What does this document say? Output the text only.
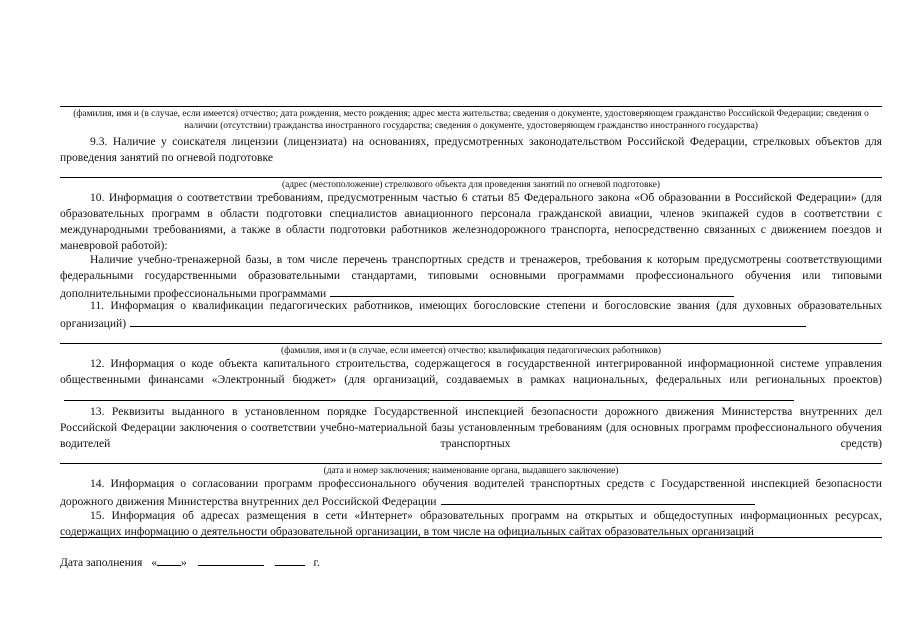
(фамилия, имя и (в случае, если имеется) отчество; дата рождения, место рождения; адрес места жительства; сведения о документе, удостоверяющем гражданство Российской Федерации; сведения о наличии (отсутствии) гражданства иностранного государства; сведения о документе, удостоверяющем гражданство иностранного государства)
9.3. Наличие у соискателя лицензии (лицензиата) на основаниях, предусмотренных законодательством Российской Федерации, стрелковых объектов для проведения занятий по огневой подготовке
(адрес (местоположение) стрелкового объекта для проведения занятий по огневой подготовке)
10. Информация о соответствии требованиям, предусмотренным частью 6 статьи 85 Федерального закона «Об образовании в Российской Федерации» (для образовательных программ в области подготовки специалистов авиационного персонала гражданской авиации, членов экипажей судов в соответствии с международными требованиями, а также в области подготовки работников железнодорожного транспорта, непосредственно связанных с движением поездов и маневровой работой):
Наличие учебно-тренажерной базы, в том числе перечень транспортных средств и тренажеров, требования к которым предусмотрены соответствующими федеральными государственными образовательными стандартами, типовыми основными программами профессионального обучения или типовыми дополнительными профессиональными программами
11. Информация о квалификации педагогических работников, имеющих богословские степени и богословские звания (для духовных образовательных организаций)
(фамилия, имя и (в случае, если имеется) отчество; квалификация педагогических работников)
12. Информация о коде объекта капитального строительства, содержащегося в государственной интегрированной информационной системе управления общественными финансами «Электронный бюджет» (для организаций, создаваемых в рамках национальных, федеральных или региональных проектов)
13. Реквизиты выданного в установленном порядке Государственной инспекцией безопасности дорожного движения Министерства внутренних дел Российской Федерации заключения о соответствии учебно-материальной базы установленным требованиям (для основных программ профессионального обучения водителей транспортных средств)
(дата и номер заключения; наименование органа, выдавшего заключение)
14. Информация о согласовании программ профессионального обучения водителей транспортных средств с Государственной инспекцией безопасности дорожного движения Министерства внутренних дел Российской Федерации
15. Информация об адресах размещения в сети «Интернет» образовательных программ на открытых и общедоступных информационных ресурсах, содержащих информацию о деятельности образовательной организации, в том числе на официальных сайтах образовательных организаций
Дата заполнения « »	г.
